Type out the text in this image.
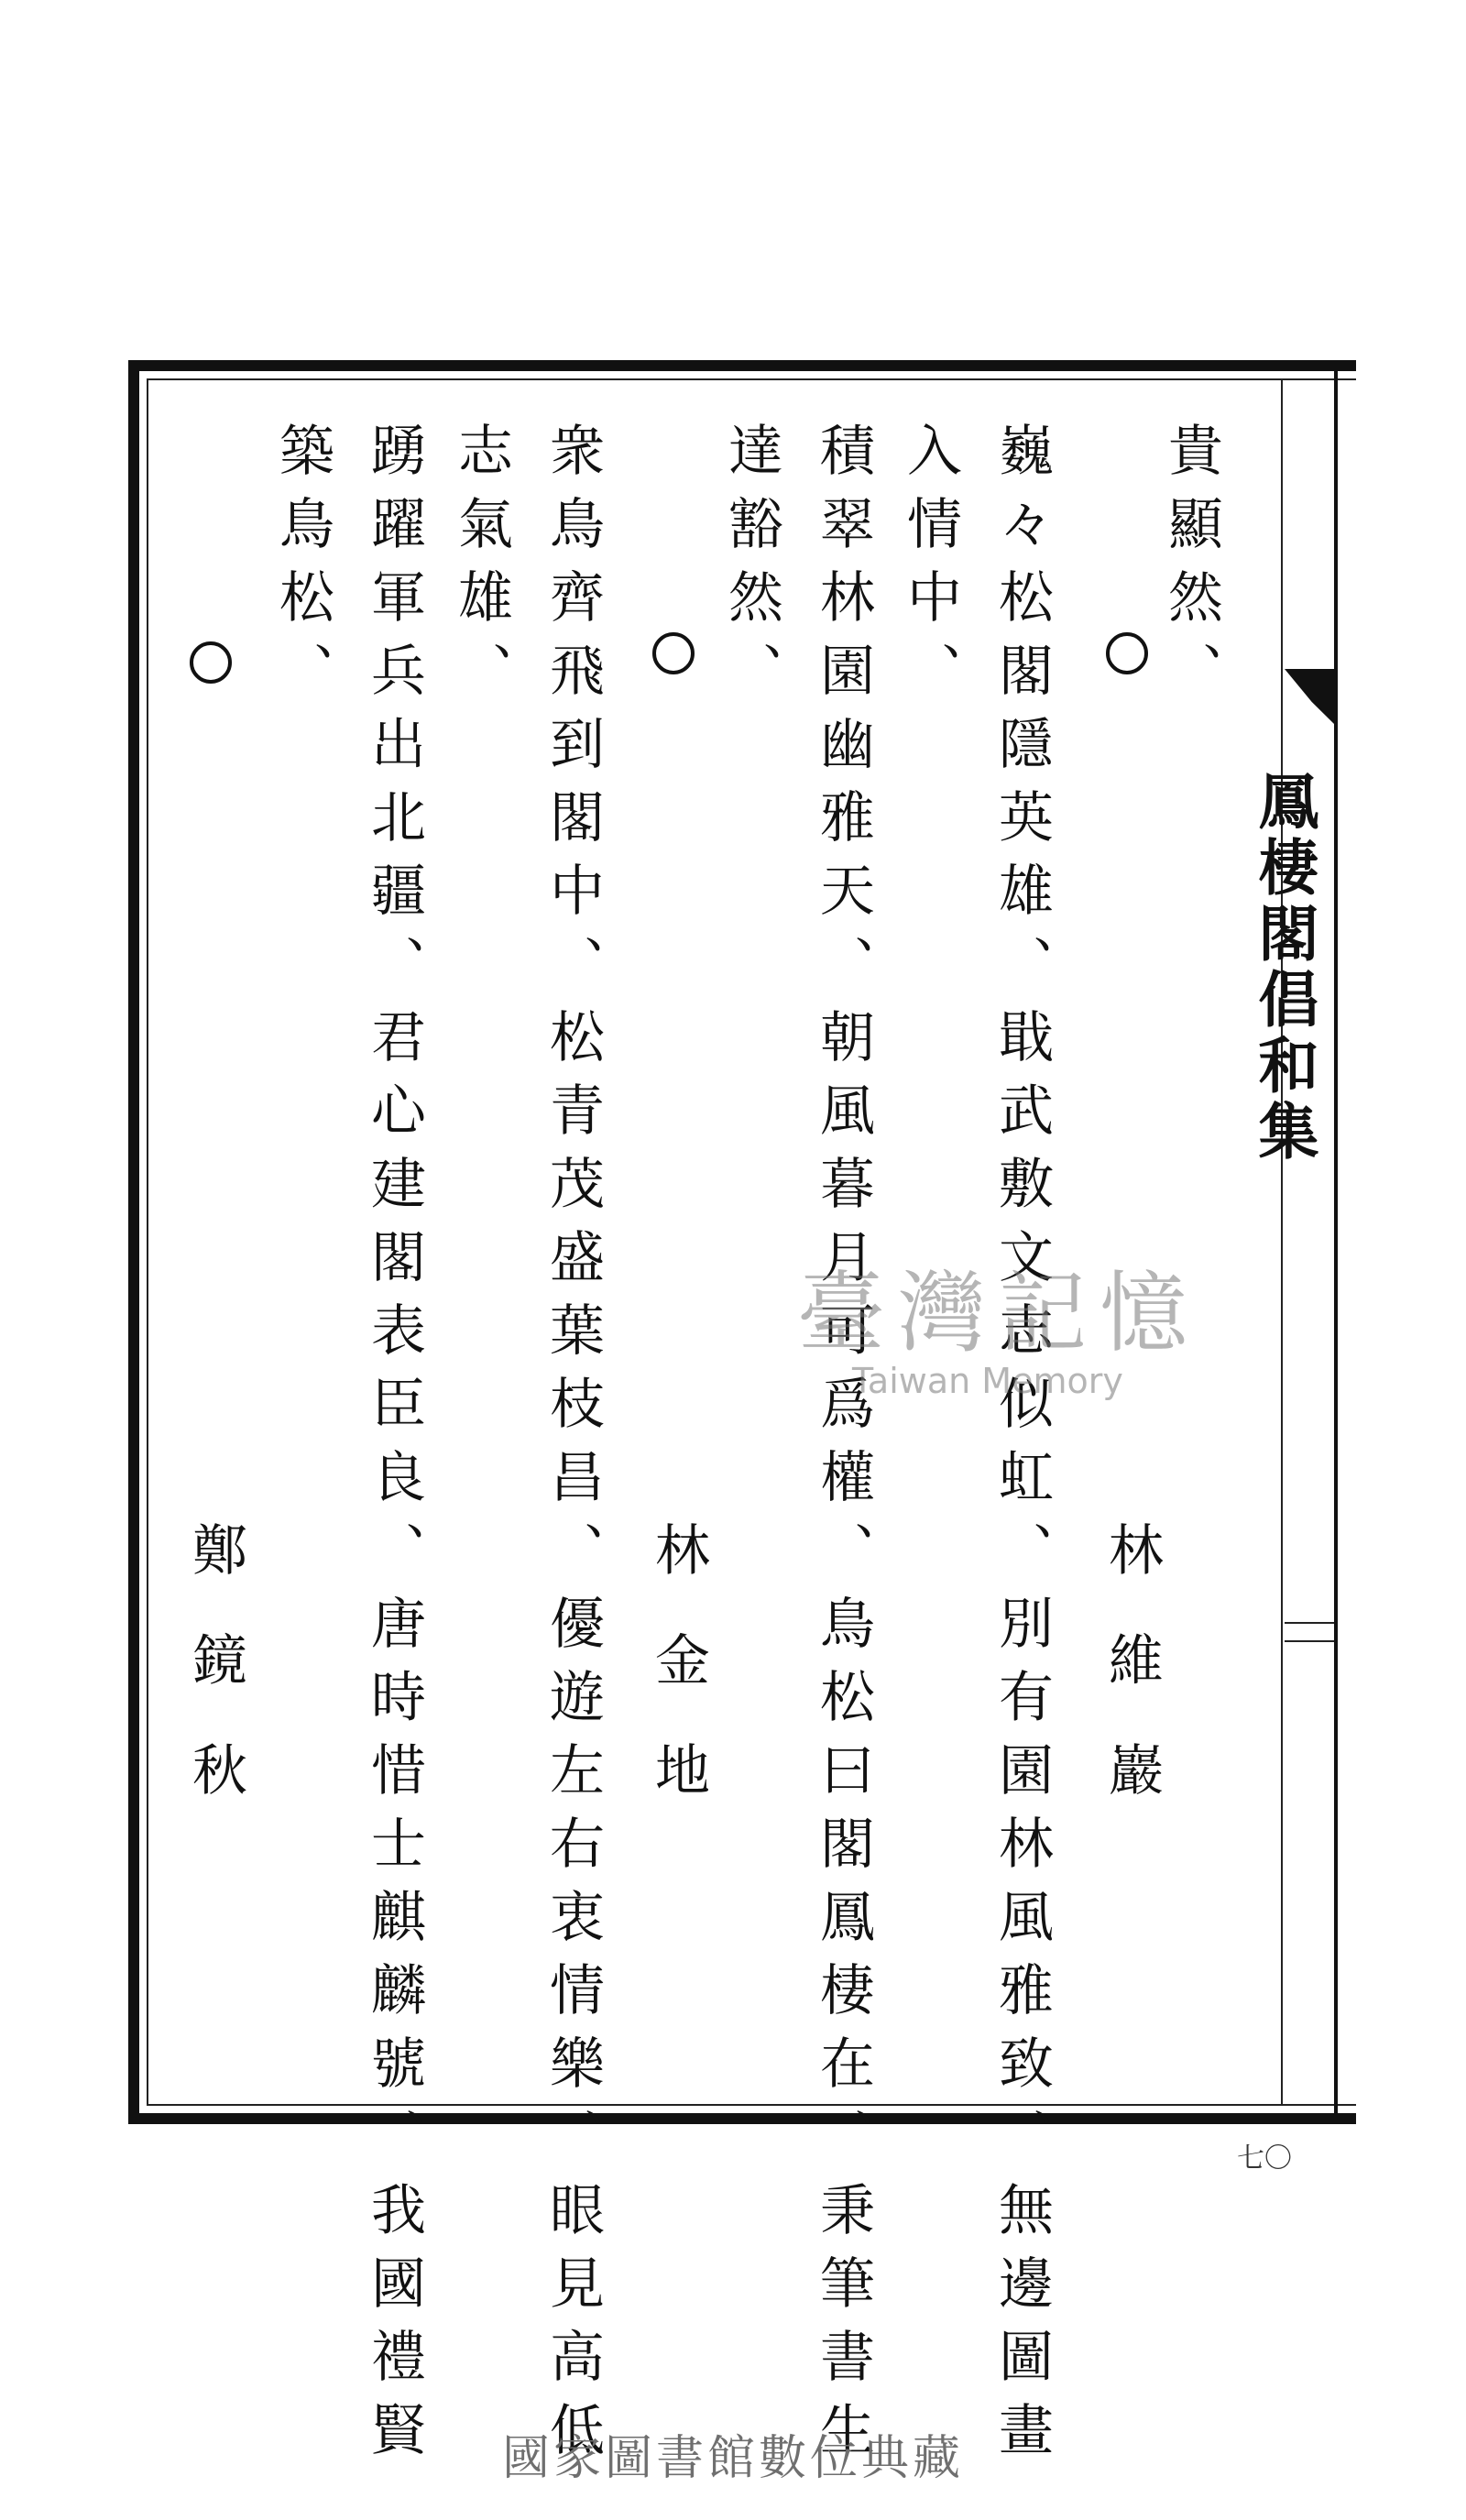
鳳棲閣倡和集
貴顯然、
巍々松閣隱英雄、戢武敷文志似虹、別有園林風雅致、無邊圖畫
入情中、
積翠林園幽雅天、朝風暮月可爲權、鳥松曰閣鳳棲在、秉筆書生
達豁然、
衆鳥齊飛到閣中、松青茂盛葉枝昌、優遊左右衷情樂、眼見高低
志氣雄、
踴躍軍兵出北疆、君心建閣表臣良、唐時惜士麒麟號、我國禮賢
築鳥松、
林維巖
林金地
鄭鏡秋
臺灣記憶
Taiwan Memory
七〇
國家圖書館數位典藏
